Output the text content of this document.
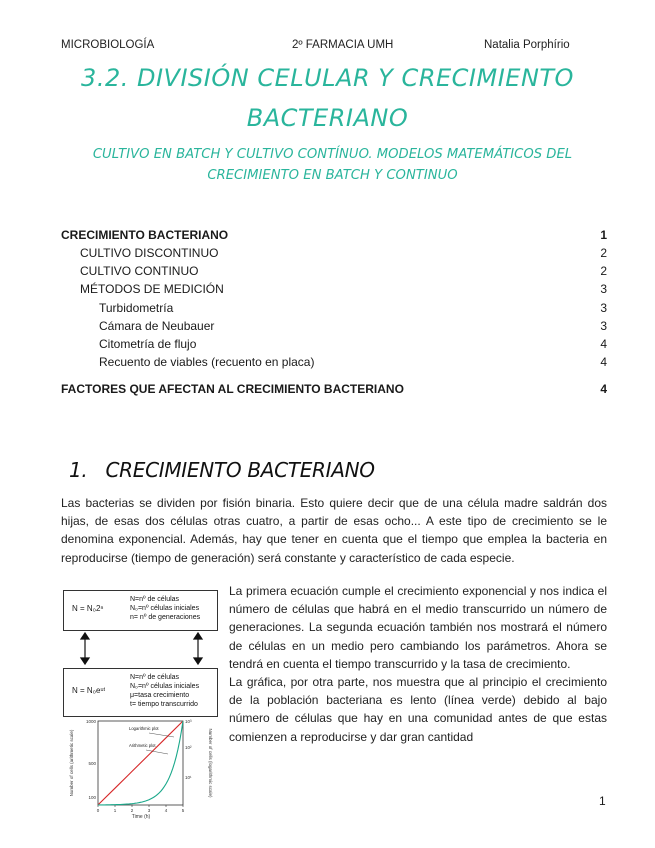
MICROBIOLOGÍA	2º FARMACIA UMH	Natalia Porphírio
3.2. DIVISIÓN CELULAR Y CRECIMIENTO
BACTERIANO
CULTIVO EN BATCH Y CULTIVO CONTÍNUO. MODELOS MATEMÁTICOS DEL CRECIMIENTO EN BATCH Y CONTINUO
CRECIMIENTO BACTERIANO	1
CULTIVO DISCONTINUO	2
CULTIVO CONTINUO	2
MÉTODOS DE MEDICIÓN	3
Turbidometría	3
Cámara de Neubauer	3
Citometría de flujo	4
Recuento de viables (recuento en placa)	4
FACTORES QUE AFECTAN AL CRECIMIENTO BACTERIANO	4
1. CRECIMIENTO BACTERIANO
Las bacterias se dividen por fisión binaria. Esto quiere decir que de una célula madre saldrán dos hijas, de esas dos células otras cuatro, a partir de esas ocho... A este tipo de crecimiento se le denomina exponencial. Además, hay que tener en cuenta que el tiempo que emplea la bacteria en reproducirse (tiempo de generación) será constante y característico de cada especie.
N = N₀2ⁿ
N=nº de células
N₀=nº células iniciales
n= nº de generaciones
N = N₀eᵘᵗ
N=nº de células
N₀=nº células iniciales
μ=tasa crecimiento
t= tiempo transcurrido
Number of cells (arithmetic scale)	Number of cells (logarithmic scale)
Time (h)
0	1	2	3	4	5
1000
500
100
10³
10²
10¹
Logarithmic plot
Arithmetic plot
La primera ecuación cumple el crecimiento exponencial y nos indica el número de células que habrá en el medio transcurrido un número de generaciones. La segunda ecuación también nos mostrará el número de células en un medio pero cambiando los parámetros. Ahora se tendrá en cuenta el tiempo transcurrido y la tasa de crecimiento.
La gráfica, por otra parte, nos muestra que al principio el crecimiento de la población bacteriana es lento (línea verde) debido al bajo número de células que hay en una comunidad antes de que estas comienzen a reproducirse y dar gran cantidad
1
